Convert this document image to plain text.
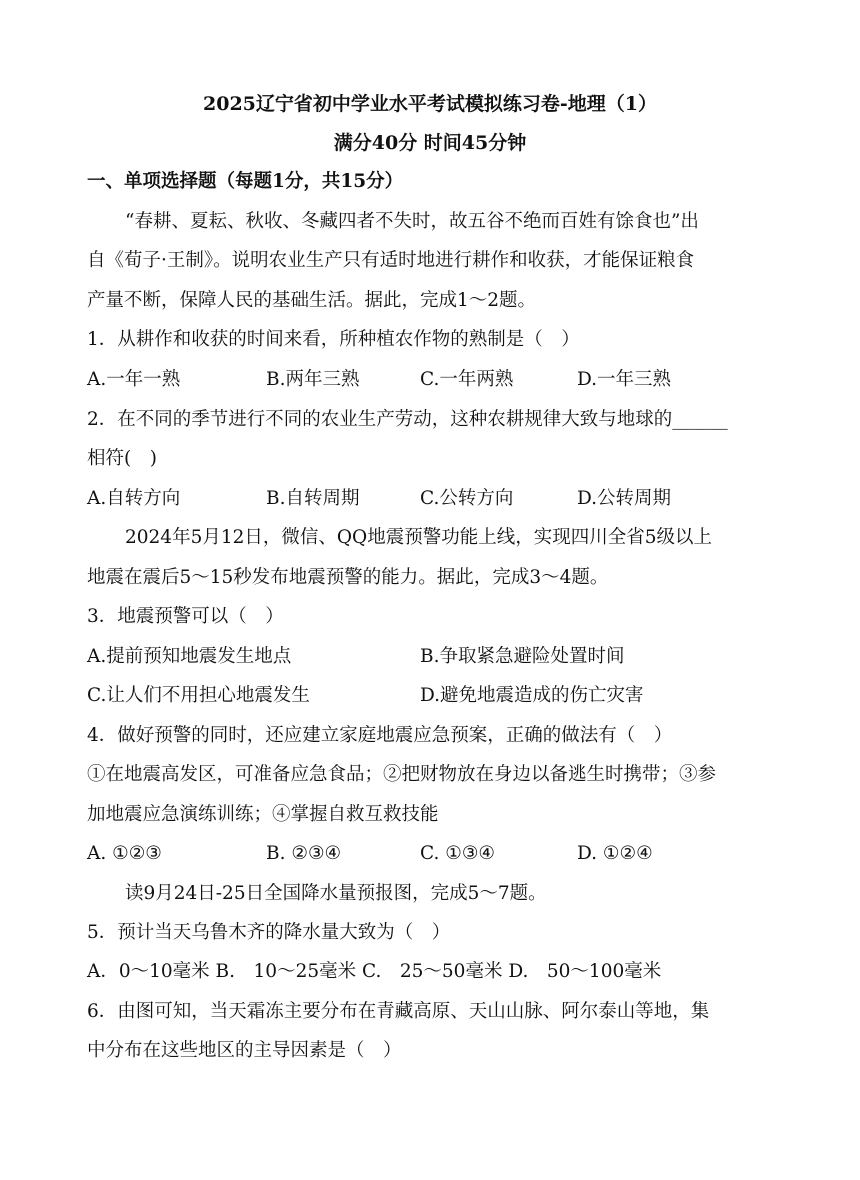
2025辽宁省初中学业水平考试模拟练习卷-地理（1）
满分40分 时间45分钟
一、单项选择题（每题1分，共15分）
“春耕、夏耘、秋收、冬藏四者不失时，故五谷不绝而百姓有馀食也”出
自《荀子·王制》。说明农业生产只有适时地进行耕作和收获，才能保证粮食
产量不断，保障人民的基础生活。据此，完成1～2题。
1．从耕作和收获的时间来看，所种植农作物的熟制是（　）
A.一年一熟	B.两年三熟	C.一年两熟	D.一年三熟
2．在不同的季节进行不同的农业生产劳动，这种农耕规律大致与地球的______
相符(　)
A.自转方向	B.自转周期	C.公转方向	D.公转周期
2024年5月12日，微信、QQ地震预警功能上线，实现四川全省5级以上
地震在震后5～15秒发布地震预警的能力。据此，完成3～4题。
3．地震预警可以（　）
A.提前预知地震发生地点	B.争取紧急避险处置时间
C.让人们不用担心地震发生	D.避免地震造成的伤亡灾害
4．做好预警的同时，还应建立家庭地震应急预案，正确的做法有（　）
①在地震高发区，可准备应急食品；②把财物放在身边以备逃生时携带；③参
加地震应急演练训练；④掌握自救互救技能
A. ①②③	B. ②③④	C. ①③④	D. ①②④
读9月24日-25日全国降水量预报图，完成5～7题。
5．预计当天乌鲁木齐的降水量大致为（　）
A．0～10毫米 B.　10～25毫米 C.　25～50毫米 D.　50～100毫米
6．由图可知，当天霜冻主要分布在青藏高原、天山山脉、阿尔泰山等地，集
中分布在这些地区的主导因素是（　）
